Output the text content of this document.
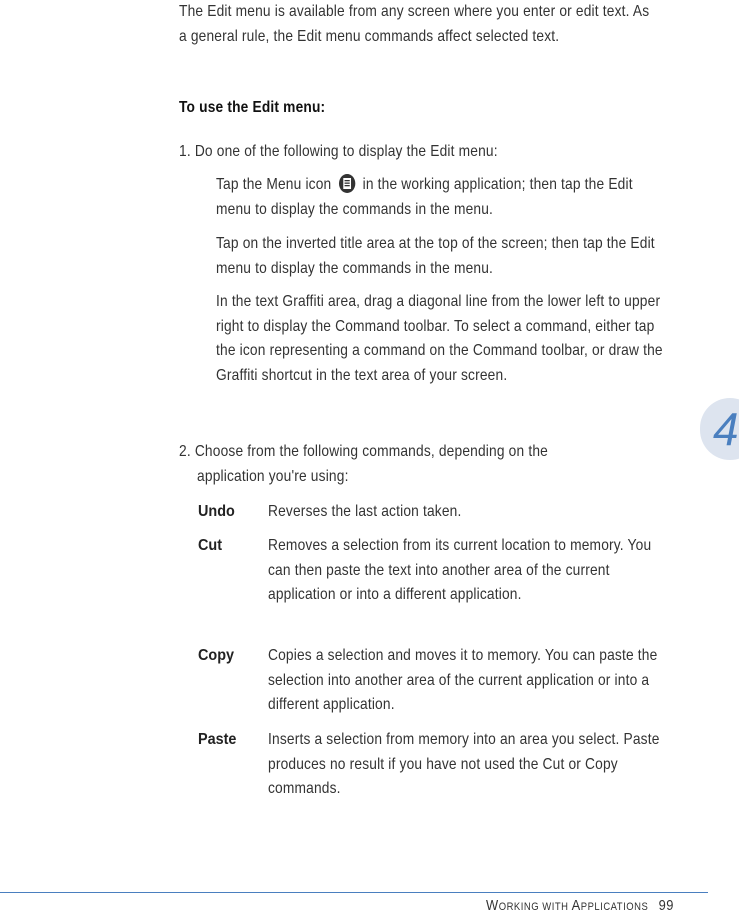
The Edit menu is available from any screen where you enter or edit text. As a general rule, the Edit menu commands affect selected text.
To use the Edit menu:
1. Do one of the following to display the Edit menu:
Tap the Menu icon in the working application; then tap the Edit menu to display the commands in the menu.
Tap on the inverted title area at the top of the screen; then tap the Edit menu to display the commands in the menu.
In the text Graffiti area, drag a diagonal line from the lower left to upper right to display the Command toolbar. To select a command, either tap the icon representing a command on the Command toolbar, or draw the Graffiti shortcut in the text area of your screen.
2. Choose from the following commands, depending on the
application you're using:
Undo Reverses the last action taken.
Cut	Removes a selection from its current location to memory. You can then paste the text into another area of the current application or into a different application.
Copy Copies a selection and moves it to memory. You can paste the selection into another area of the current application or into a different application.
Paste Inserts a selection from memory into an area you select. Paste produces no result if you have not used the Cut or Copy commands.
4
WORKING WITH APPLICATIONS 99
